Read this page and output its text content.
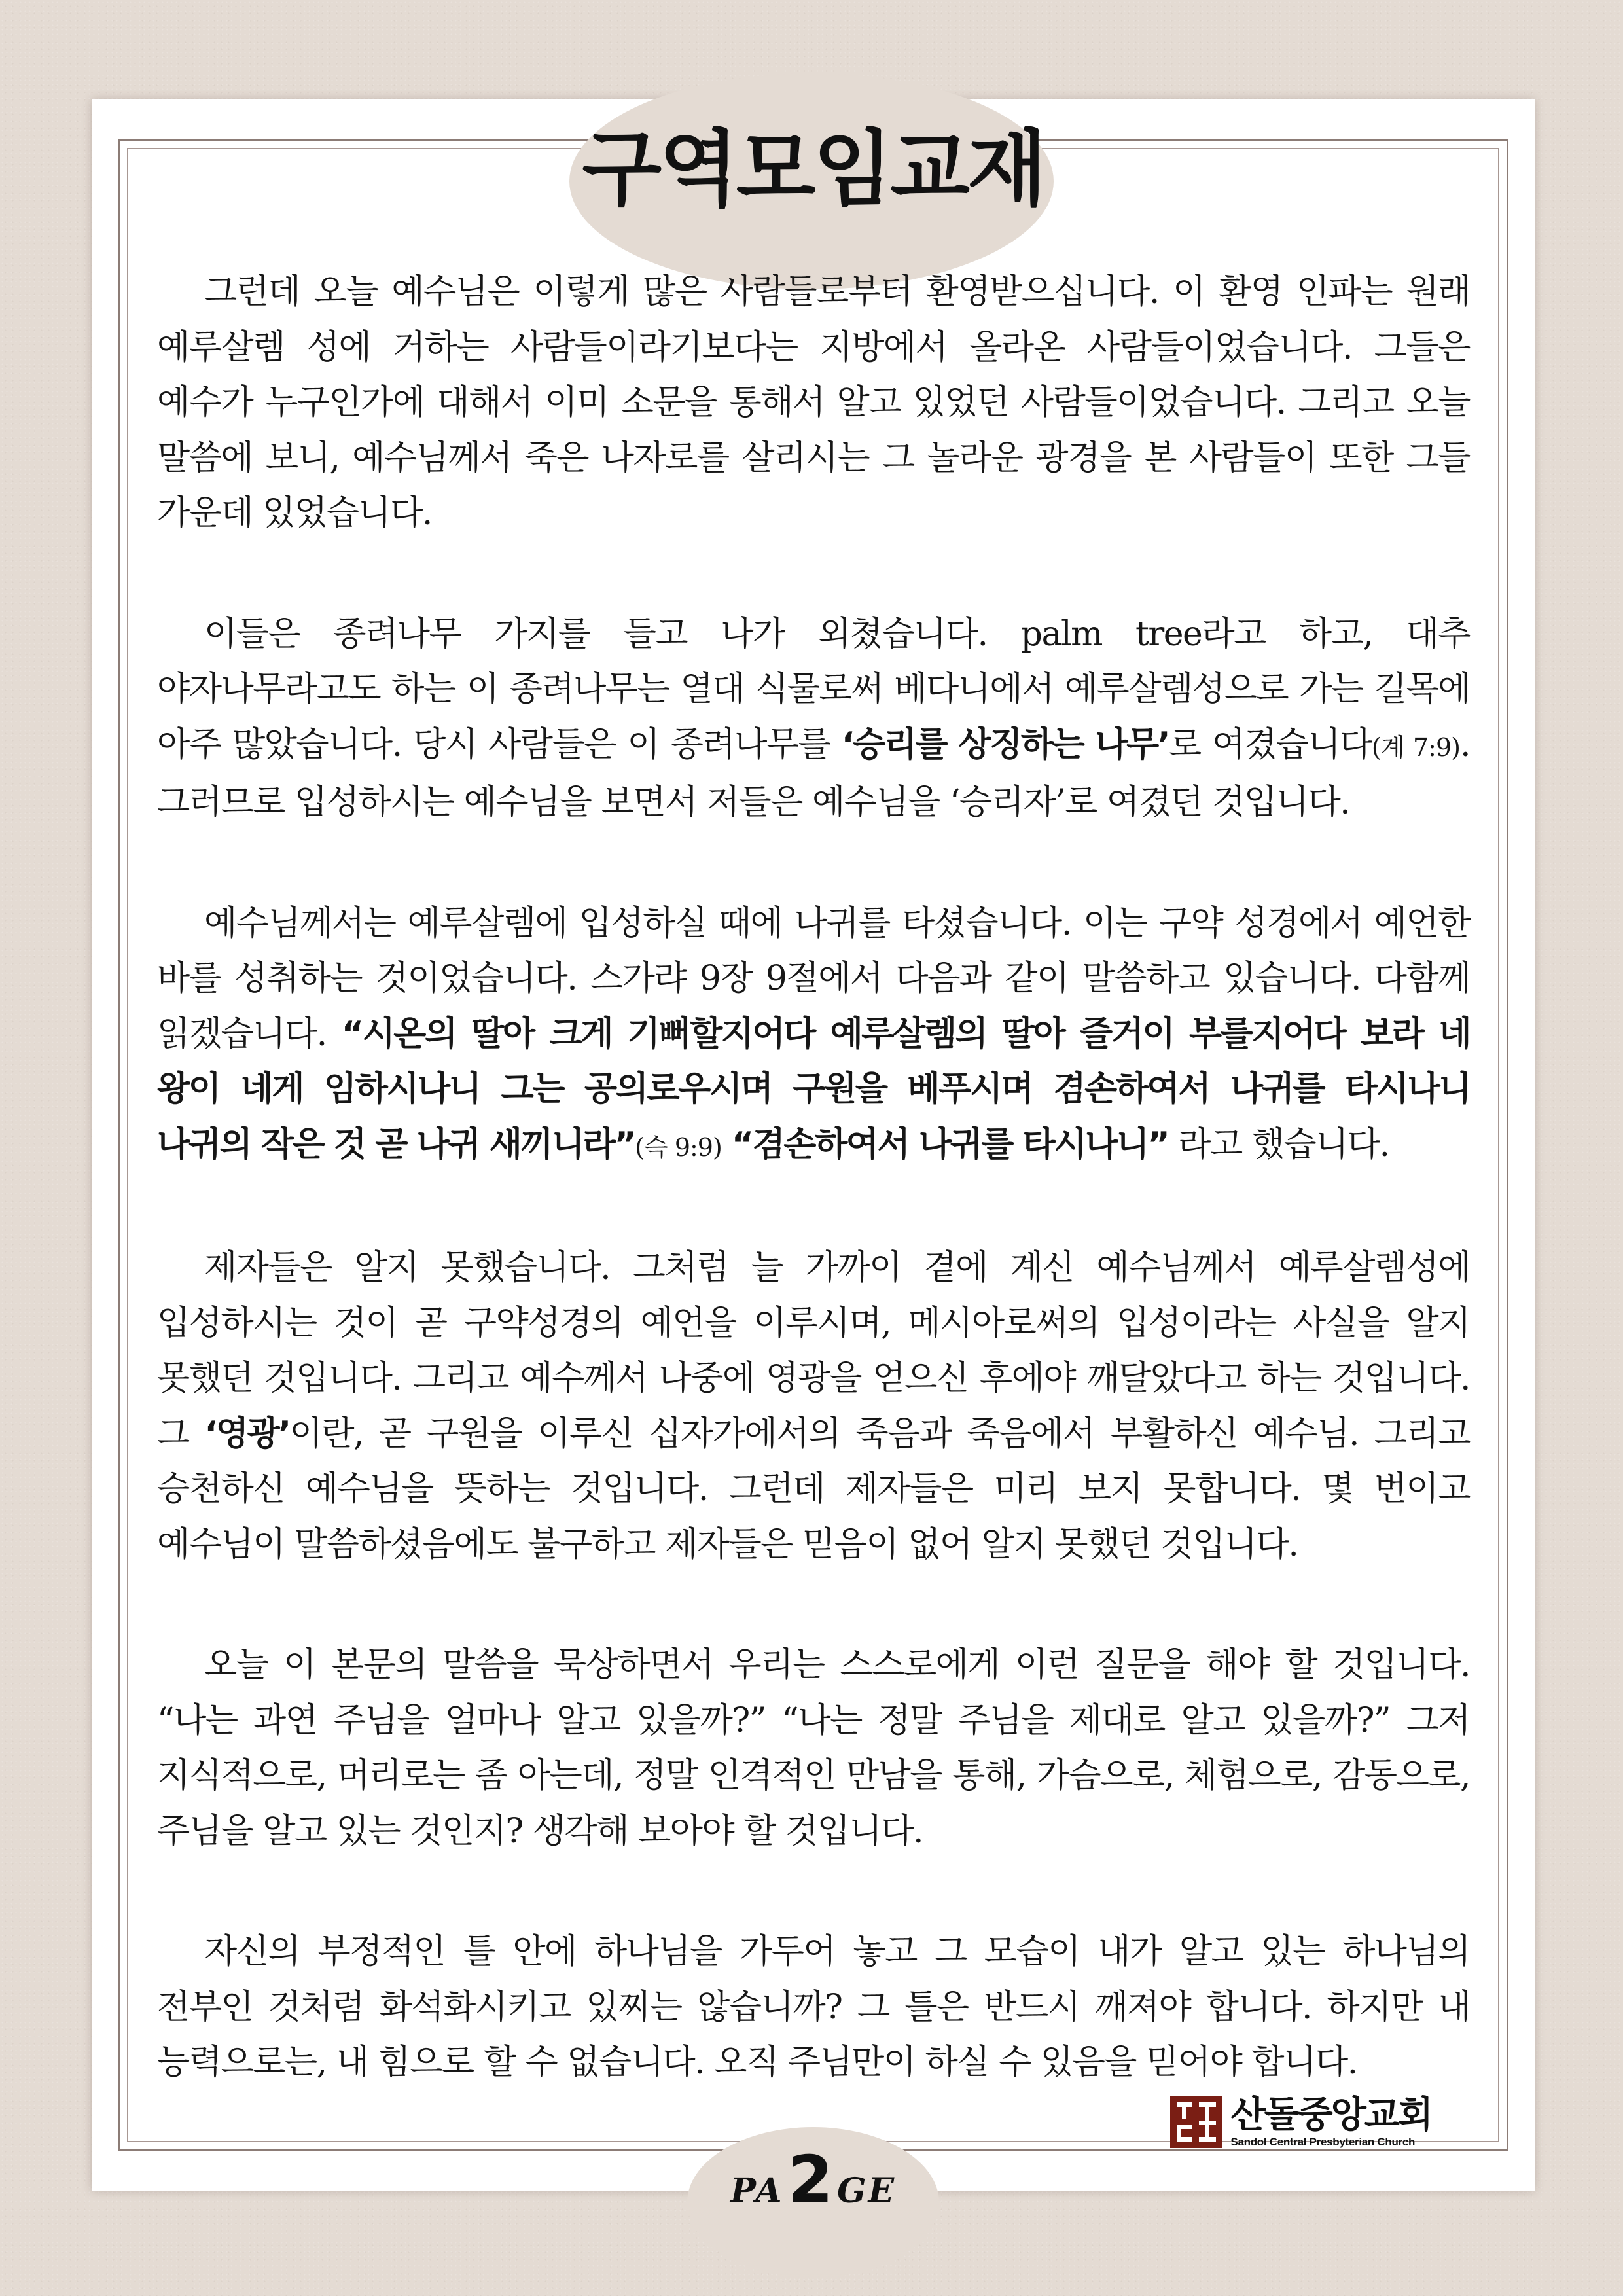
구역모임교재

그런데 오늘 예수님은 이렇게 많은 사람들로부터 환영받으십니다. 이 환영 인파는 원래 예루살렘 성에 거하는 사람들이라기보다는 지방에서 올라온 사람들이었습니다. 그들은 예수가 누구인가에 대해서 이미 소문을 통해서 알고 있었던 사람들이었습니다. 그리고 오늘 말씀에 보니, 예수님께서 죽은 나자로를 살리시는 그 놀라운 광경을 본 사람들이 또한 그들 가운데 있었습니다.

이들은 종려나무 가지를 들고 나가 외쳤습니다. palm tree라고 하고, 대추 야자나무라고도 하는 이 종려나무는 열대 식물로써 베다니에서 예루살렘성으로 가는 길목에 아주 많았습니다. 당시 사람들은 이 종려나무를 ‘승리를 상징하는 나무’로 여겼습니다(계 7:9). 그러므로 입성하시는 예수님을 보면서 저들은 예수님을 ‘승리자’로 여겼던 것입니다.

예수님께서는 예루살렘에 입성하실 때에 나귀를 타셨습니다. 이는 구약 성경에서 예언한 바를 성취하는 것이었습니다. 스가랴 9장 9절에서 다음과 같이 말씀하고 있습니다. 다함께 읽겠습니다. “시온의 딸아 크게 기뻐할지어다 예루살렘의 딸아 즐거이 부를지어다 보라 네 왕이 네게 임하시나니 그는 공의로우시며 구원을 베푸시며 겸손하여서 나귀를 타시나니 나귀의 작은 것 곧 나귀 새끼니라”(슥 9:9) “겸손하여서 나귀를 타시나니” 라고 했습니다.

제자들은 알지 못했습니다. 그처럼 늘 가까이 곁에 계신 예수님께서 예루살렘성에 입성하시는 것이 곧 구약성경의 예언을 이루시며, 메시아로써의 입성이라는 사실을 알지 못했던 것입니다. 그리고 예수께서 나중에 영광을 얻으신 후에야 깨달았다고 하는 것입니다. 그 ‘영광’이란, 곧 구원을 이루신 십자가에서의 죽음과 죽음에서 부활하신 예수님. 그리고 승천하신 예수님을 뜻하는 것입니다. 그런데 제자들은 미리 보지 못합니다. 몇 번이고 예수님이 말씀하셨음에도 불구하고 제자들은 믿음이 없어 알지 못했던 것입니다.

오늘 이 본문의 말씀을 묵상하면서 우리는 스스로에게 이런 질문을 해야 할 것입니다. “나는 과연 주님을 얼마나 알고 있을까?” “나는 정말 주님을 제대로 알고 있을까?” 그저 지식적으로, 머리로는 좀 아는데, 정말 인격적인 만남을 통해, 가슴으로, 체험으로, 감동으로, 주님을 알고 있는 것인지? 생각해 보아야 할 것입니다.

자신의 부정적인 틀 안에 하나님을 가두어 놓고 그 모습이 내가 알고 있는 하나님의 전부인 것처럼 화석화시키고 있찌는 않습니까? 그 틀은 반드시 깨져야 합니다. 하지만 내 능력으로는, 내 힘으로 할 수 없습니다. 오직 주님만이 하실 수 있음을 믿어야 합니다.

산돌중앙교회
Sandol Central Presbyterian Church
PA2 GE
